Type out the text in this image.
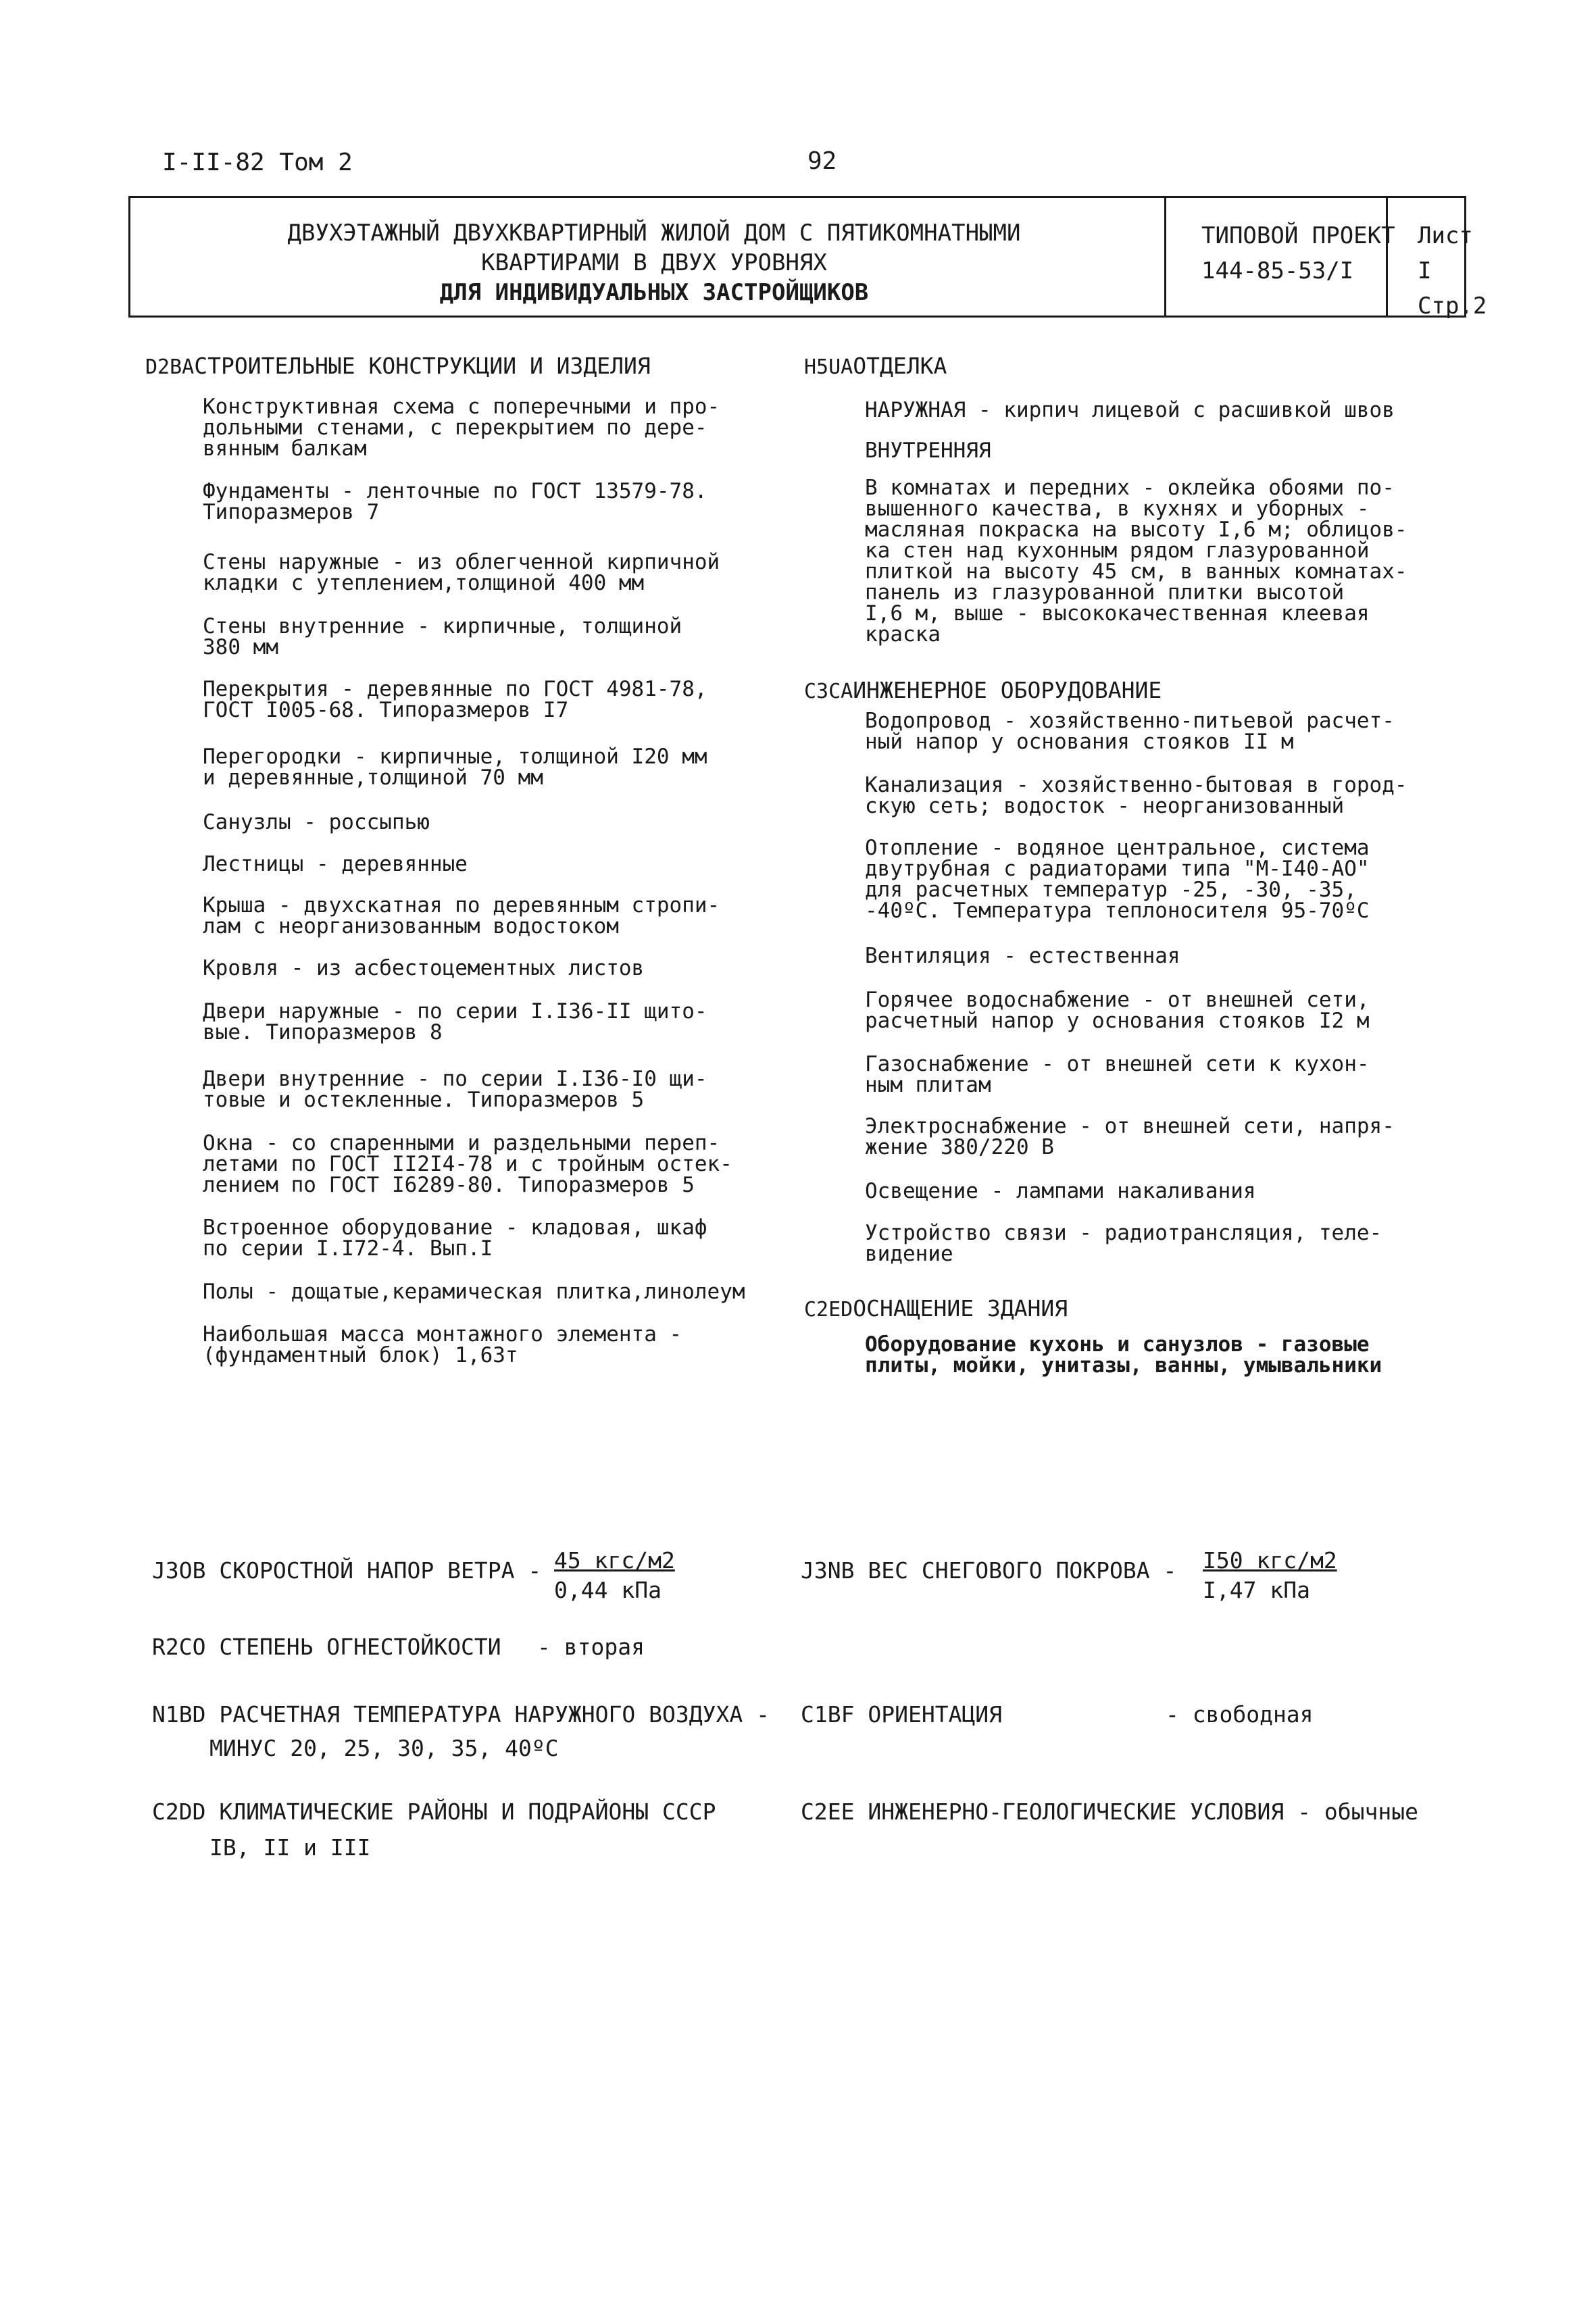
I-II-82 Том 2	92
ДВУХЭТАЖНЫЙ ДВУХКВАРТИРНЫЙ ЖИЛОЙ ДОМ С ПЯТИКОМНАТНЫМИ
КВАРТИРАМИ В ДВУХ УРОВНЯХ
ДЛЯ ИНДИВИДУАЛЬНЫХ ЗАСТРОЙЩИКОВ
ТИПОВОЙ ПРОЕКТ
144-85-53/I
Лист I
Стр.2
D2BAСТРОИТЕЛЬНЫЕ КОНСТРУКЦИИ И ИЗДЕЛИЯ
Конструктивная схема с поперечными и про-
дольными стенами, с перекрытием по дере-
вянным балкам
Фундаменты - ленточные по ГОСТ 13579-78.
Типоразмеров 7
Стены наружные - из облегченной кирпичной
кладки с утеплением,толщиной 400 мм
Стены внутренние - кирпичные, толщиной
380 мм
Перекрытия - деревянные по ГОСТ 4981-78,
ГОСТ I005-68. Типоразмеров I7
Перегородки - кирпичные, толщиной I20 мм
и деревянные,толщиной 70 мм
Санузлы - россыпью
Лестницы - деревянные
Крыша - двухскатная по деревянным стропи-
лам с неорганизованным водостоком
Кровля - из асбестоцементных листов
Двери наружные - по серии I.I36-II щито-
вые. Типоразмеров 8
Двери внутренние - по серии I.I36-I0 щи-
товые и остекленные. Типоразмеров 5
Окна - со спаренными и раздельными переп-
летами по ГОСТ II2I4-78 и с тройным остек-
лением по ГОСТ I6289-80. Типоразмеров 5
Встроенное оборудование - кладовая, шкаф
по серии I.I72-4. Вып.I
Полы - дощатые,керамическая плитка,линолеум
Наибольшая масса монтажного элемента -
(фундаментный блок) 1,63т
H5UAОТДЕЛКА
НАРУЖНАЯ - кирпич лицевой с расшивкой швов
ВНУТРЕННЯЯ
В комнатах и передних - оклейка обоями по-
вышенного качества, в кухнях и уборных -
масляная покраска на высоту I,6 м; облицов-
ка стен над кухонным рядом глазурованной
плиткой на высоту 45 см, в ванных комнатах-
панель из глазурованной плитки высотой
I,6 м, выше - высококачественная клеевая
краска
C3CAИНЖЕНЕРНОЕ ОБОРУДОВАНИЕ
Водопровод - хозяйственно-питьевой расчет-
ный напор у основания стояков II м
Канализация - хозяйственно-бытовая в город-
скую сеть; водосток - неорганизованный
Отопление - водяное центральное, система
двутрубная с радиаторами типа "М-I40-АО"
для расчетных температур -25, -30, -35,
-40ºС. Температура теплоносителя 95-70ºС
Вентиляция - естественная
Горячее водоснабжение - от внешней сети,
расчетный напор у основания стояков I2 м
Газоснабжение - от внешней сети к кухон-
ным плитам
Электроснабжение - от внешней сети, напря-
жение 380/220 В
Освещение - лампами накаливания
Устройство связи - радиотрансляция, теле-
видение
C2EDОСНАЩЕНИЕ ЗДАНИЯ
Оборудование кухонь и санузлов - газовые
плиты, мойки, унитазы, ванны, умывальники
J3OB СКОРОСТНОЙ НАПОР ВЕТРА - 45 кгс/м2
0,44 кПа
J3NB ВЕС СНЕГОВОГО ПОКРОВА - I50 кгс/м2
I,47 кПа
R2CO СТЕПЕНЬ ОГНЕСТОЙКОСТИ - вторая
N1BD РАСЧЕТНАЯ ТЕМПЕРАТУРА НАРУЖНОГО ВОЗДУХА -
МИНУС 20, 25, 30, 35, 40ºС
C1BF ОРИЕНТАЦИЯ	- свободная
C2DD КЛИМАТИЧЕСКИЕ РАЙОНЫ И ПОДРАЙОНЫ СССР
IВ, II и III
C2EE ИНЖЕНЕРНО-ГЕОЛОГИЧЕСКИЕ УСЛОВИЯ - обычные
